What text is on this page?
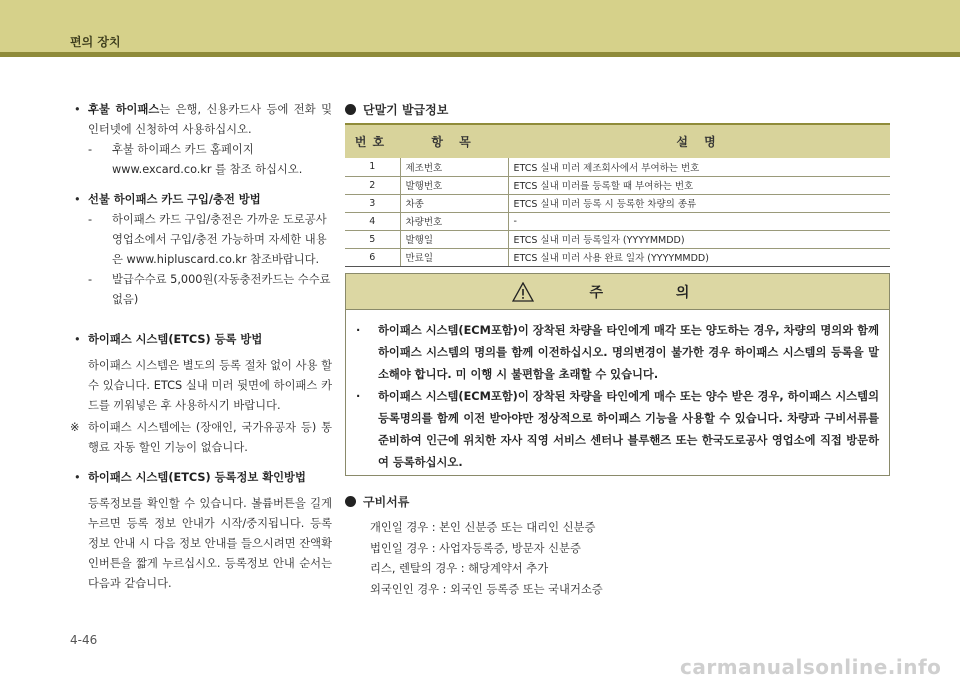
편의 장치
• 후불 하이패스는 은행, 신용카드사 등에 전화 및 인터넷에 신청하여 사용하십시오.
- 후불 하이패스 카드 홈페이지 www.excard.co.kr 를 참조 하십시오.
• 선불 하이패스 카드 구입/충전 방법
- 하이패스 카드 구입/충전은 가까운 도로공사 영업소에서 구입/충전 가능하며 자세한 내용은 www.hipluscard.co.kr 참조바랍니다.
- 발급수수료 5,000원(자동충전카드는 수수료 없음)
• 하이패스 시스템(ETCS) 등록 방법
하이패스 시스템은 별도의 등록 절차 없이 사용 할 수 있습니다. ETCS 실내 미러 뒷면에 하이패스 카드를 끼워넣은 후 사용하시기 바랍니다.
※ 하이패스 시스템에는 (장애인, 국가유공자 등) 통행료 자동 할인 기능이 없습니다.
• 하이패스 시스템(ETCS) 등록정보 확인방법
등록정보를 확인할 수 있습니다. 볼륨버튼을 길게 누르면 등록 정보 안내가 시작/중지됩니다. 등록 정보 안내 시 다음 정보 안내를 들으시려면 잔액확인버튼을 짧게 누르십시오. 등록정보 안내 순서는 다음과 같습니다.
단말기 발급정보
번호	항 목	설 명
1	제조번호	ETCS 실내 미러 제조회사에서 부여하는 번호
2	발행번호	ETCS 실내 미러를 등록할 때 부여하는 번호
3	차종	ETCS 실내 미러 등록 시 등록한 차량의 종류
4	차량번호	-
5	발행일	ETCS 실내 미러 등록일자 (YYYYMMDD)
6	만료일	ETCS 실내 미러 사용 완료 일자 (YYYYMMDD)
주 의
· 하이패스 시스템(ECM포함)이 장착된 차량을 타인에게 매각 또는 양도하는 경우, 차량의 명의와 함께 하이패스 시스템의 명의를 함께 이전하십시오. 명의변경이 불가한 경우 하이패스 시스템의 등록을 말소해야 합니다. 미 이행 시 불편함을 초래할 수 있습니다.
· 하이패스 시스템(ECM포함)이 장착된 차량을 타인에게 매수 또는 양수 받은 경우, 하이패스 시스템의 등록명의를 함께 이전 받아야만 정상적으로 하이패스 기능을 사용할 수 있습니다. 차량과 구비서류를 준비하여 인근에 위치한 자사 직영 서비스 센터나 블루핸즈 또는 한국도로공사 영업소에 직접 방문하여 등록하십시오.
구비서류
개인일 경우 : 본인 신분증 또는 대리인 신분증
법인일 경우 : 사업자등록증, 방문자 신분증
리스, 렌탈의 경우 : 해당계약서 추가
외국인인 경우 : 외국인 등록증 또는 국내거소증
4-46
carmanualsonline.info
